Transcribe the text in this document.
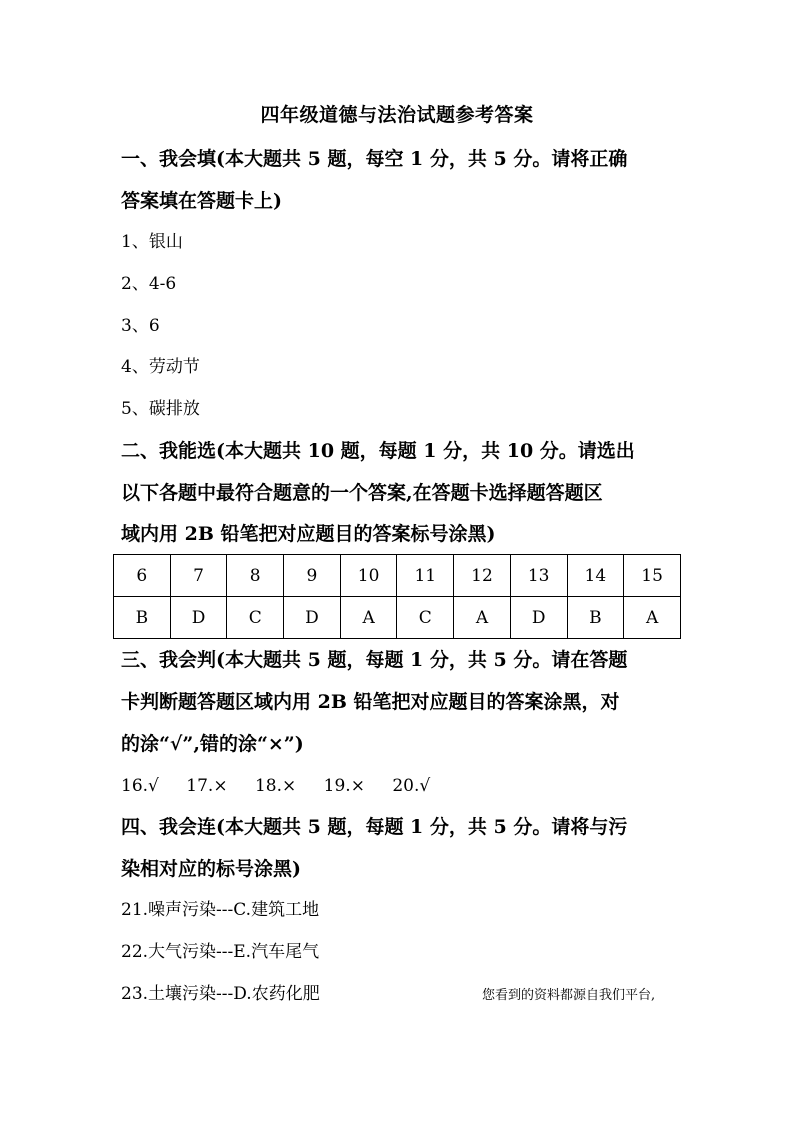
四年级道德与法治试题参考答案
一、我会填(本大题共 5 题，每空 1 分，共 5 分。请将正确
答案填在答题卡上)
1、银山
2、4-6
3、6
4、劳动节
5、碳排放
二、我能选(本大题共 10 题，每题 1 分，共 10 分。请选出
以下各题中最符合题意的一个答案,在答题卡选择题答题区
域内用 2B 铅笔把对应题目的答案标号涂黑)
6	7	8	9	10	11	12	13	14	15
B	D	C	D	A	C	A	D	B	A
三、我会判(本大题共 5 题，每题 1 分，共 5 分。请在答题
卡判断题答题区域内用 2B 铅笔把对应题目的答案涂黑，对
的涂“√”,错的涂“×”)
16.√ 17.× 18.× 19.× 20.√
四、我会连(本大题共 5 题，每题 1 分，共 5 分。请将与污
染相对应的标号涂黑)
21.噪声污染---C.建筑工地
22.大气污染---E.汽车尾气
23.土壤污染---D.农药化肥	您看到的资料都源自我们平台,
